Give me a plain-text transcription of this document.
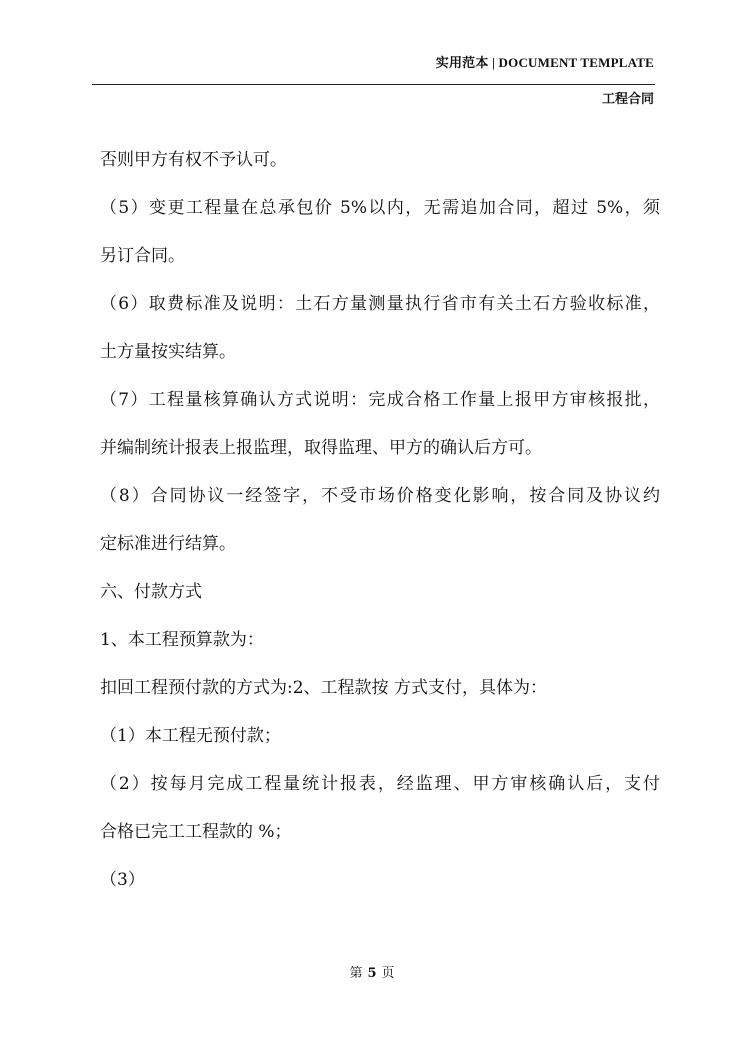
实用范本 | DOCUMENT TEMPLATE
工程合同
否则甲方有权不予认可。
（5）变更工程量在总承包价 5%以内，无需追加合同，超过 5%，须
另订合同。
（6）取费标准及说明：土石方量测量执行省市有关土石方验收标准，
土方量按实结算。
（7）工程量核算确认方式说明：完成合格工作量上报甲方审核报批，
并编制统计报表上报监理，取得监理、甲方的确认后方可。
（8）合同协议一经签字，不受市场价格变化影响，按合同及协议约
定标准进行结算。
六、付款方式
1、本工程预算款为：
扣回工程预付款的方式为:2、工程款按 方式支付，具体为：
（1）本工程无预付款；
（2）按每月完成工程量统计报表，经监理、甲方审核确认后，支付
合格已完工工程款的 %；
（3）
第 5 页
